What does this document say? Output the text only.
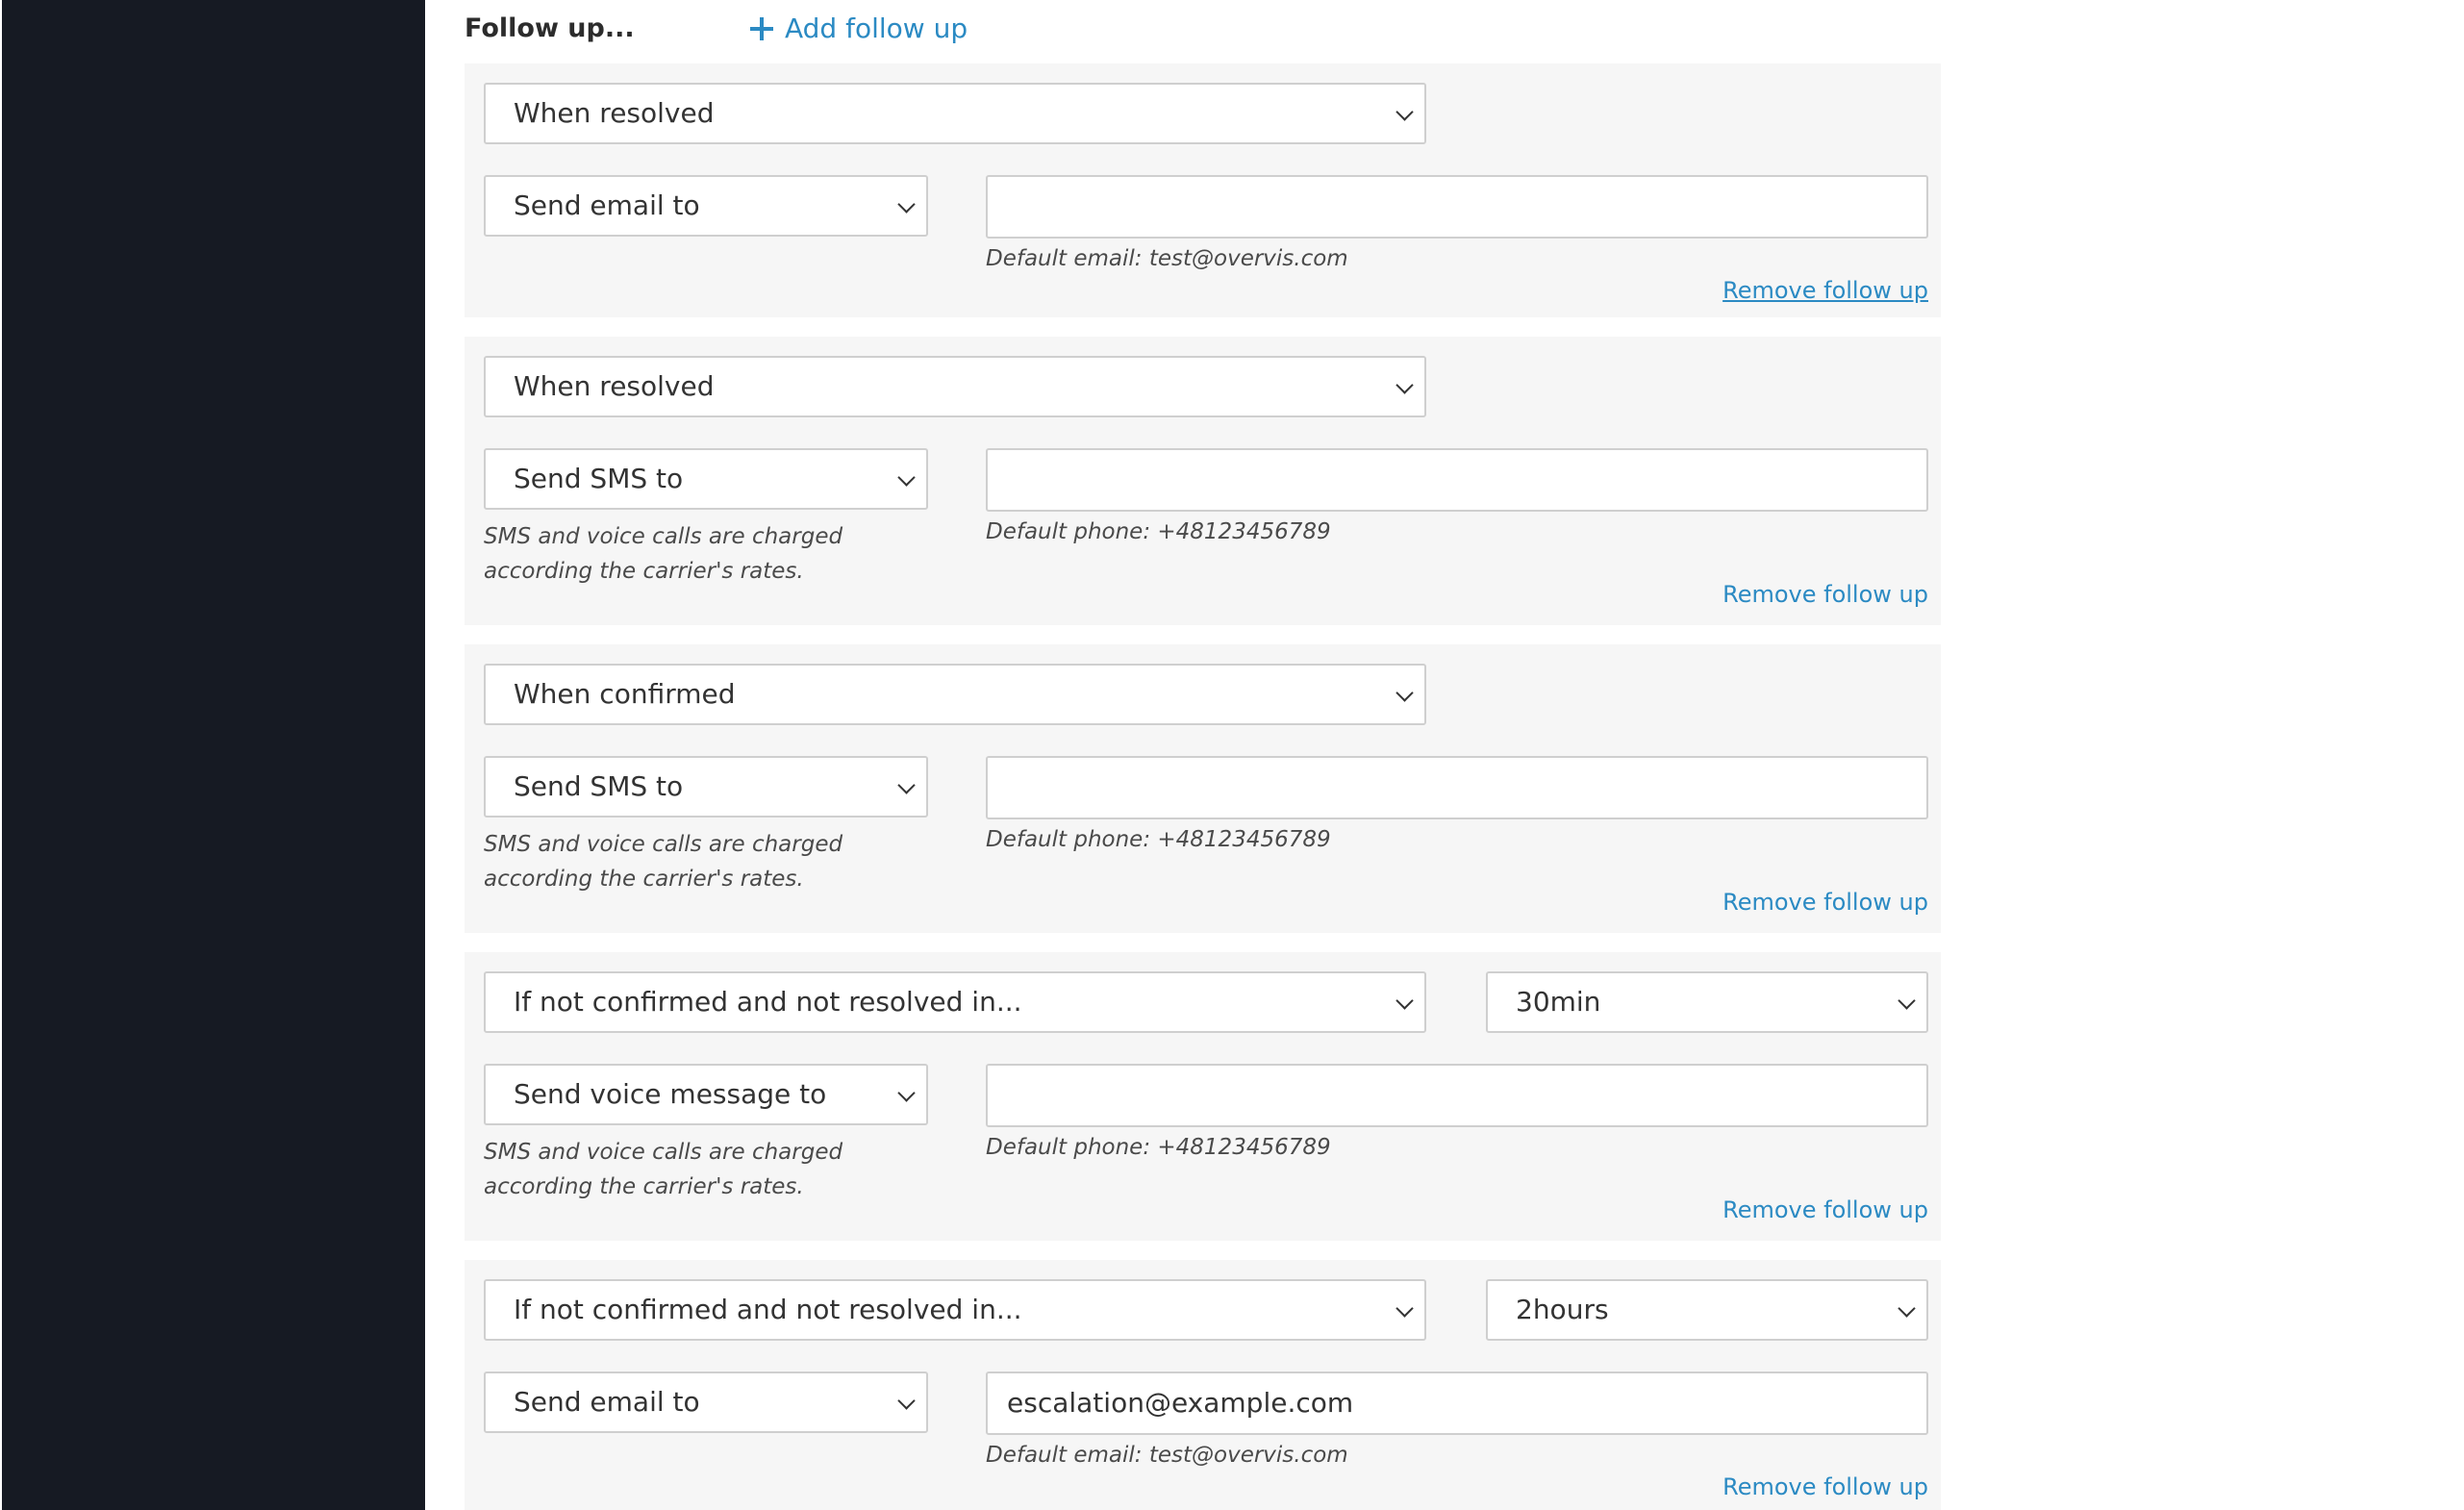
Follow up...	Add follow up
When resolved
Send email to
Default email: test@overvis.com
Remove follow up
When resolved
Send SMS to
SMS and voice calls are charged according the carrier's rates.
Default phone: +48123456789
Remove follow up
When confirmed
Send SMS to
SMS and voice calls are charged according the carrier's rates.
Default phone: +48123456789
Remove follow up
If not confirmed and not resolved in...	30min
Send voice message to
SMS and voice calls are charged according the carrier's rates.
Default phone: +48123456789
Remove follow up
If not confirmed and not resolved in...	2hours
Send email to	escalation@example.com
Default email: test@overvis.com
Remove follow up
